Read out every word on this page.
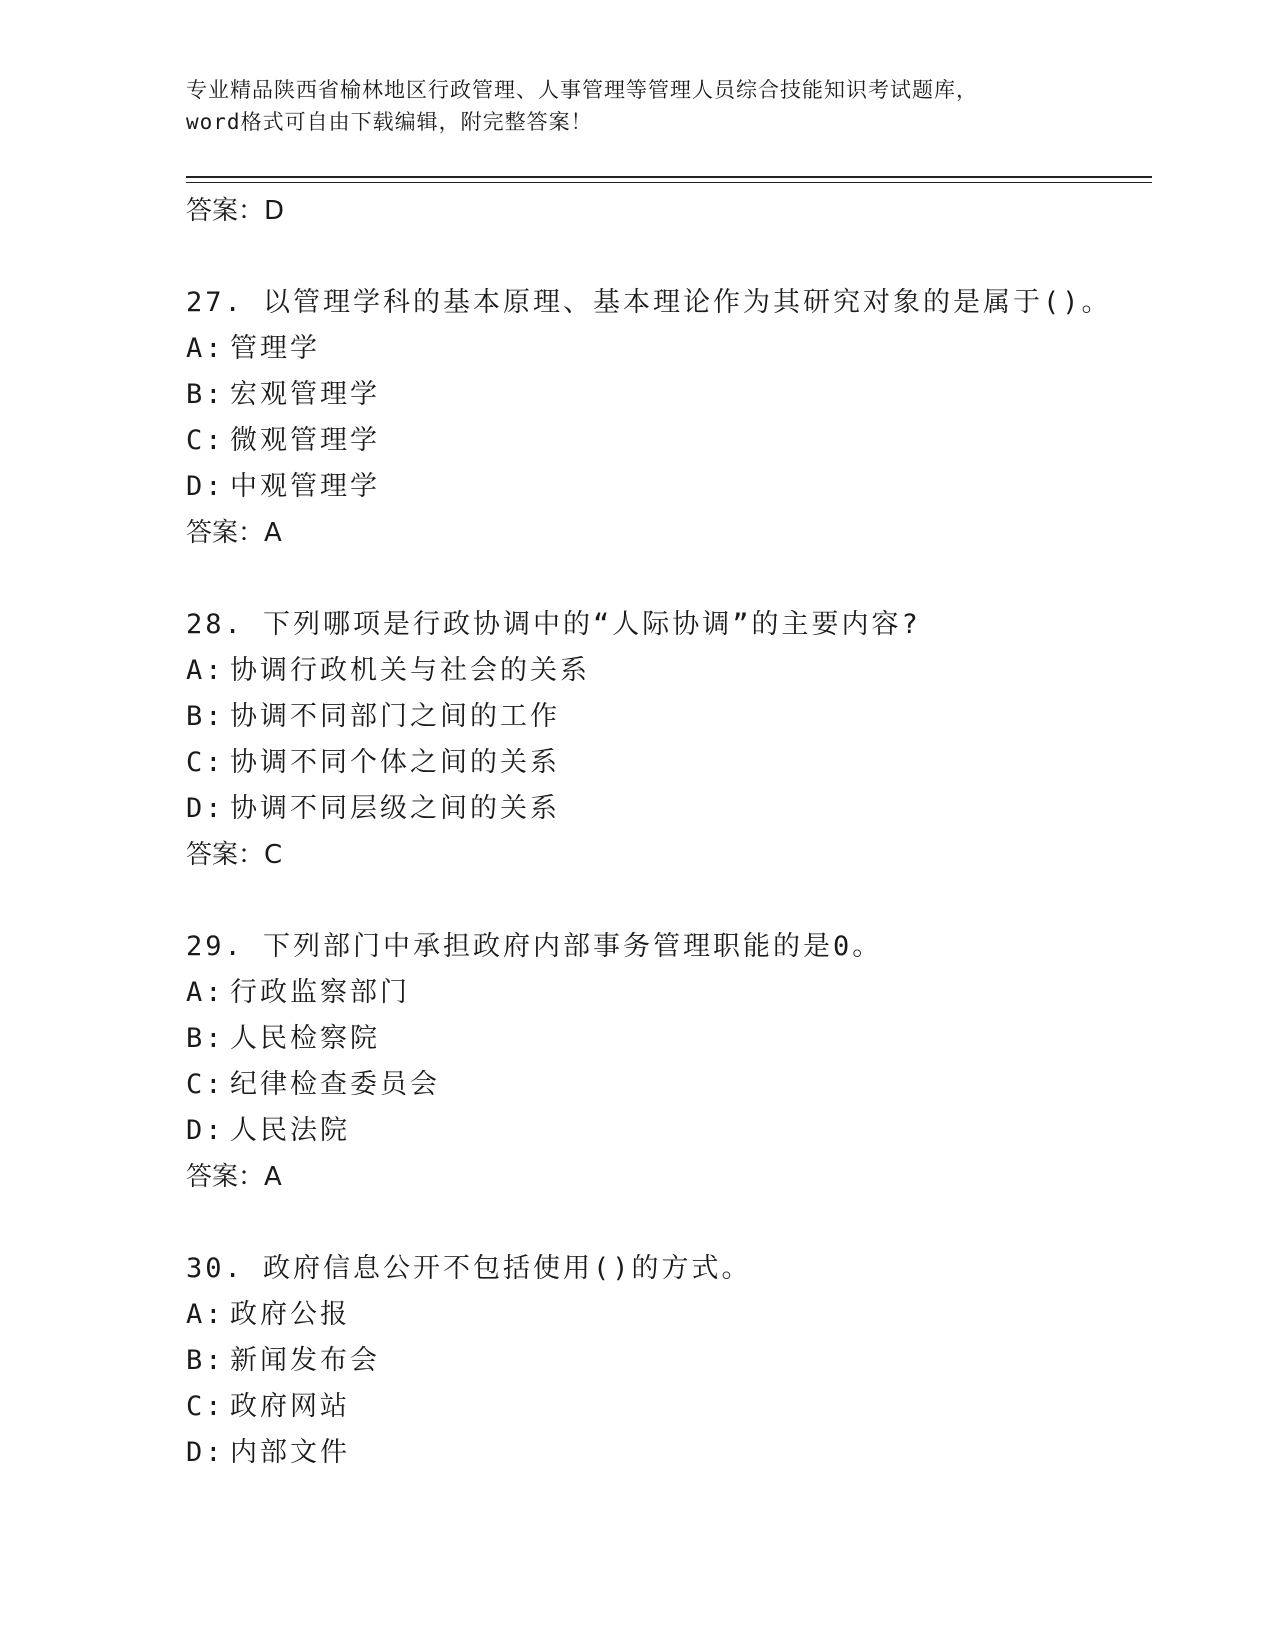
专业精品陕西省榆林地区行政管理、人事管理等管理人员综合技能知识考试题库，
word格式可自由下载编辑，附完整答案！
答案：D
27. 以管理学科的基本原理、基本理论作为其研究对象的是属于()。
A: 管理学
B: 宏观管理学
C: 微观管理学
D: 中观管理学
答案：A
28. 下列哪项是行政协调中的“人际协调”的主要内容?
A: 协调行政机关与社会的关系
B: 协调不同部门之间的工作
C: 协调不同个体之间的关系
D: 协调不同层级之间的关系
答案：C
29. 下列部门中承担政府内部事务管理职能的是0。
A: 行政监察部门
B: 人民检察院
C: 纪律检查委员会
D: 人民法院
答案：A
30. 政府信息公开不包括使用()的方式。
A: 政府公报
B: 新闻发布会
C: 政府网站
D: 内部文件
